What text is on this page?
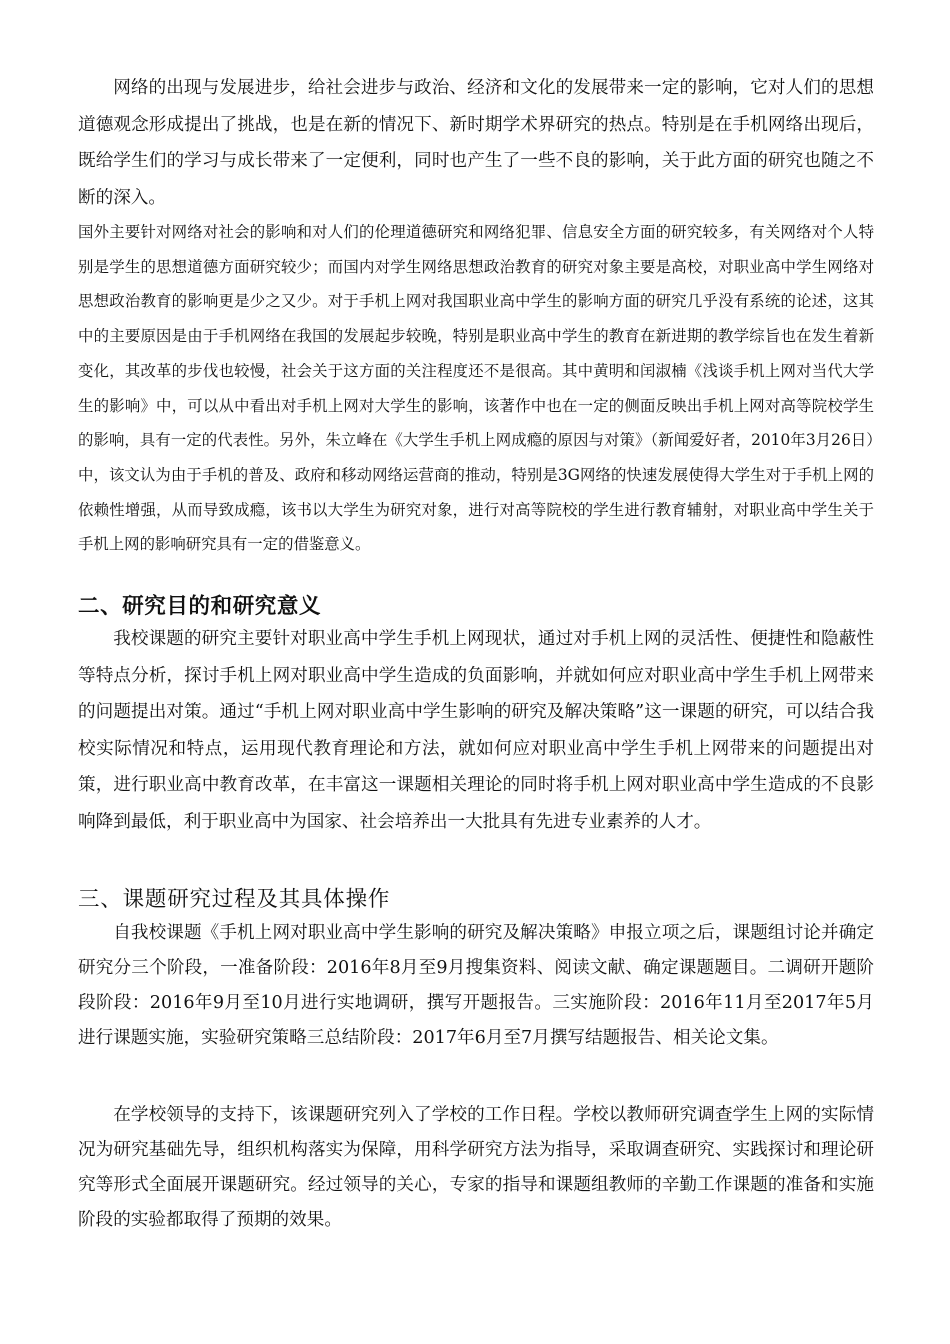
网络的出现与发展进步，给社会进步与政治、经济和文化的发展带来一定的影响，它对人们的思想道德观念形成提出了挑战，也是在新的情况下、新时期学术界研究的热点。特别是在手机网络出现后，既给学生们的学习与成长带来了一定便利，同时也产生了一些不良的影响，关于此方面的研究也随之不断的深入。

国外主要针对网络对社会的影响和对人们的伦理道德研究和网络犯罪、信息安全方面的研究较多，有关网络对个人特别是学生的思想道德方面研究较少；而国内对学生网络思想政治教育的研究对象主要是高校，对职业高中学生网络对思想政治教育的影响更是少之又少。对于手机上网对我国职业高中学生的影响方面的研究几乎没有系统的论述，这其中的主要原因是由于手机网络在我国的发展起步较晚，特别是职业高中学生的教育在新进期的教学综旨也在发生着新变化，其改革的步伐也较慢，社会关于这方面的关注程度还不是很高。其中黄明和闰淑楠《浅谈手机上网对当代大学生的影响》中，可以从中看出对手机上网对大学生的影响，该著作中也在一定的侧面反映出手机上网对高等院校学生的影响，具有一定的代表性。另外，朱立峰在《大学生手机上网成瘾的原因与对策》（新闻爱好者，2010年3月26日）中，该文认为由于手机的普及、政府和移动网络运营商的推动，特别是3G网络的快速发展使得大学生对于手机上网的依赖性增强，从而导致成瘾，该书以大学生为研究对象，进行对高等院校的学生进行教育辅射，对职业高中学生关于手机上网的影响研究具有一定的借鉴意义。

二、研究目的和研究意义

我校课题的研究主要针对职业高中学生手机上网现状，通过对手机上网的灵活性、便捷性和隐蔽性等特点分析，探讨手机上网对职业高中学生造成的负面影响，并就如何应对职业高中学生手机上网带来的问题提出对策。通过“手机上网对职业高中学生影响的研究及解决策略”这一课题的研究，可以结合我校实际情况和特点，运用现代教育理论和方法，就如何应对职业高中学生手机上网带来的问题提出对策，进行职业高中教育改革，在丰富这一课题相关理论的同时将手机上网对职业高中学生造成的不良影响降到最低，利于职业高中为国家、社会培养出一大批具有先进专业素养的人才。

三、课题研究过程及其具体操作

自我校课题《手机上网对职业高中学生影响的研究及解决策略》申报立项之后，课题组讨论并确定研究分三个阶段，一准备阶段：2016年8月至9月搜集资料、阅读文献、确定课题题目。二调研开题阶段阶段：2016年9月至10月进行实地调研，撰写开题报告。三实施阶段：2016年11月至2017年5月进行课题实施，实验研究策略三总结阶段：2017年6月至7月撰写结题报告、相关论文集。

在学校领导的支持下，该课题研究列入了学校的工作日程。学校以教师研究调查学生上网的实际情况为研究基础先导，组织机构落实为保障，用科学研究方法为指导，采取调查研究、实践探讨和理论研究等形式全面展开课题研究。经过领导的关心，专家的指导和课题组教师的辛勤工作课题的准备和实施阶段的实验都取得了预期的效果。
